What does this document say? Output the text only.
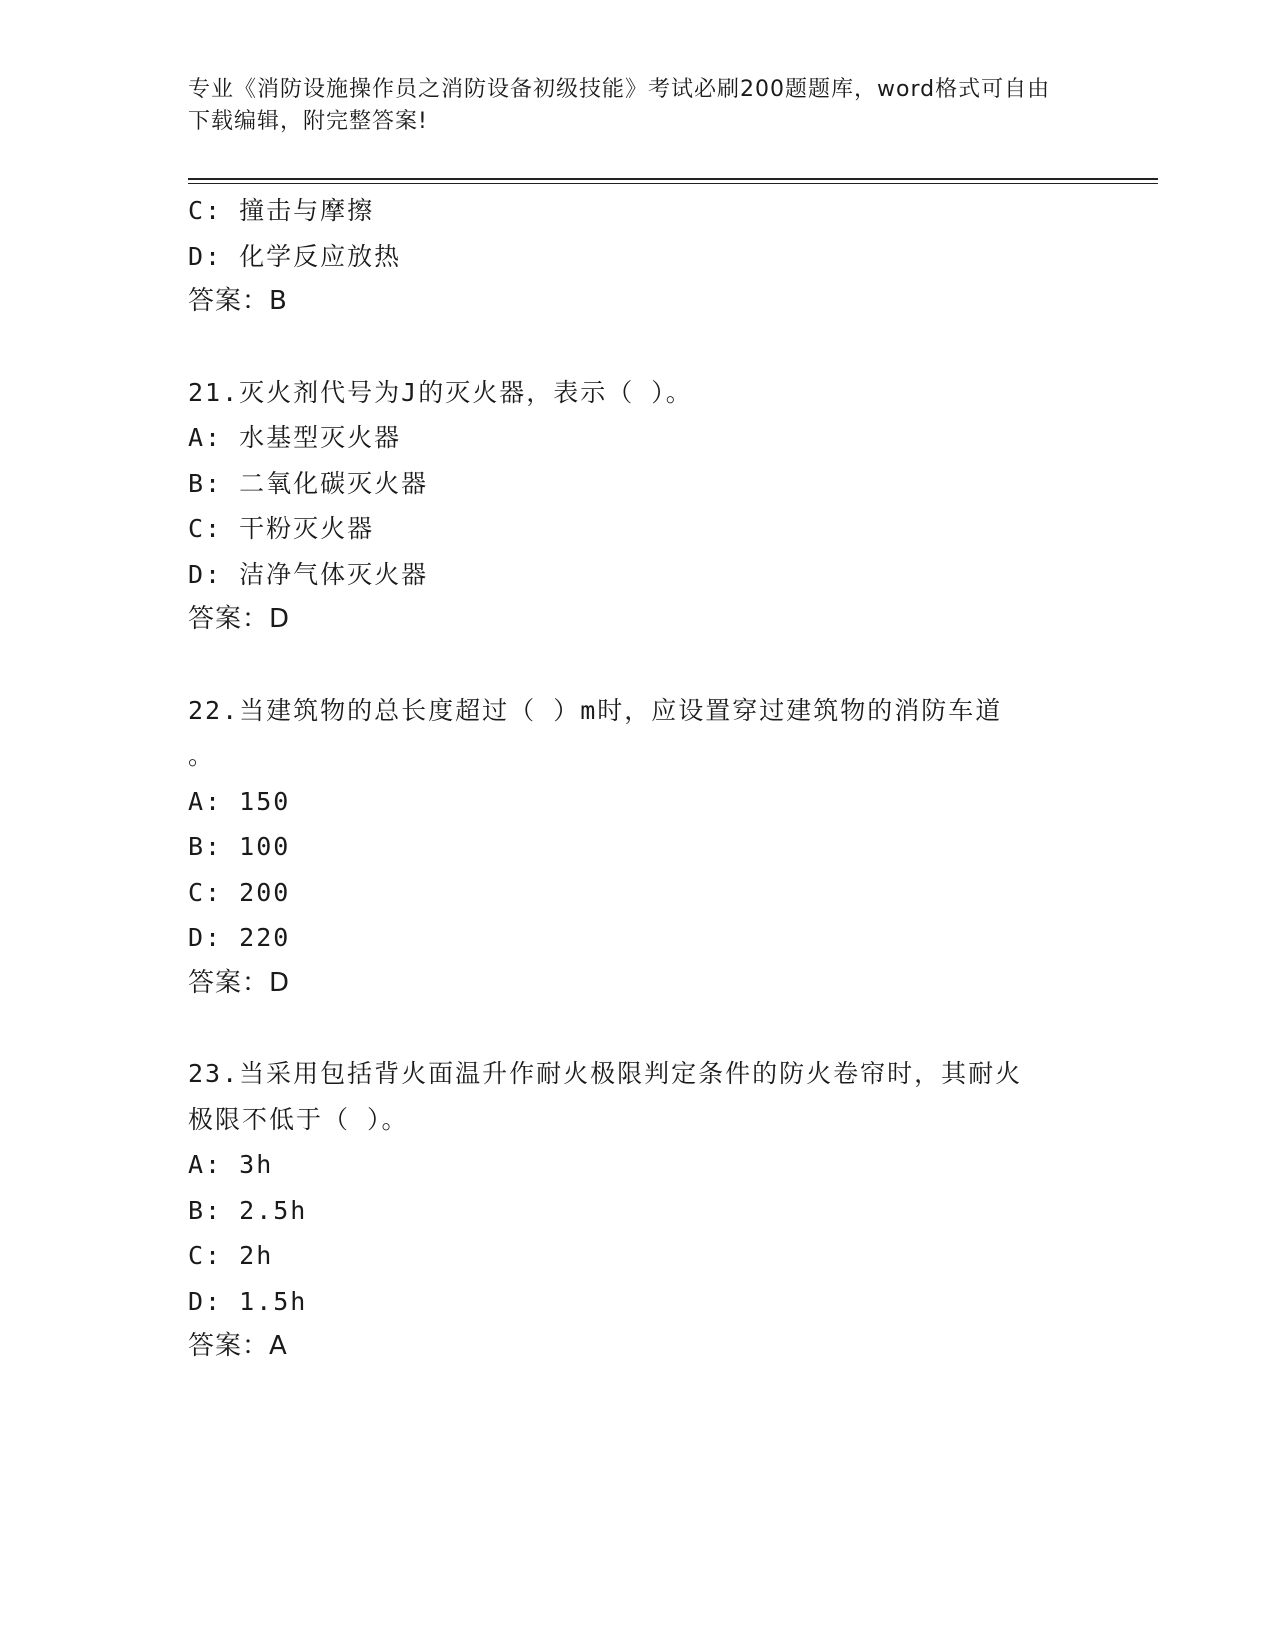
专业《消防设施操作员之消防设备初级技能》考试必刷200题题库，word格式可自由下载编辑，附完整答案!
C: 撞击与摩擦
D: 化学反应放热
答案：B
21.灭火剂代号为J的灭火器，表示（ ）。
A: 水基型灭火器
B: 二氧化碳灭火器
C: 干粉灭火器
D: 洁净气体灭火器
答案：D
22.当建筑物的总长度超过（ ）m时，应设置穿过建筑物的消防车道
。
A: 150
B: 100
C: 200
D: 220
答案：D
23.当采用包括背火面温升作耐火极限判定条件的防火卷帘时，其耐火
极限不低于（ ）。
A: 3h
B: 2.5h
C: 2h
D: 1.5h
答案：A
